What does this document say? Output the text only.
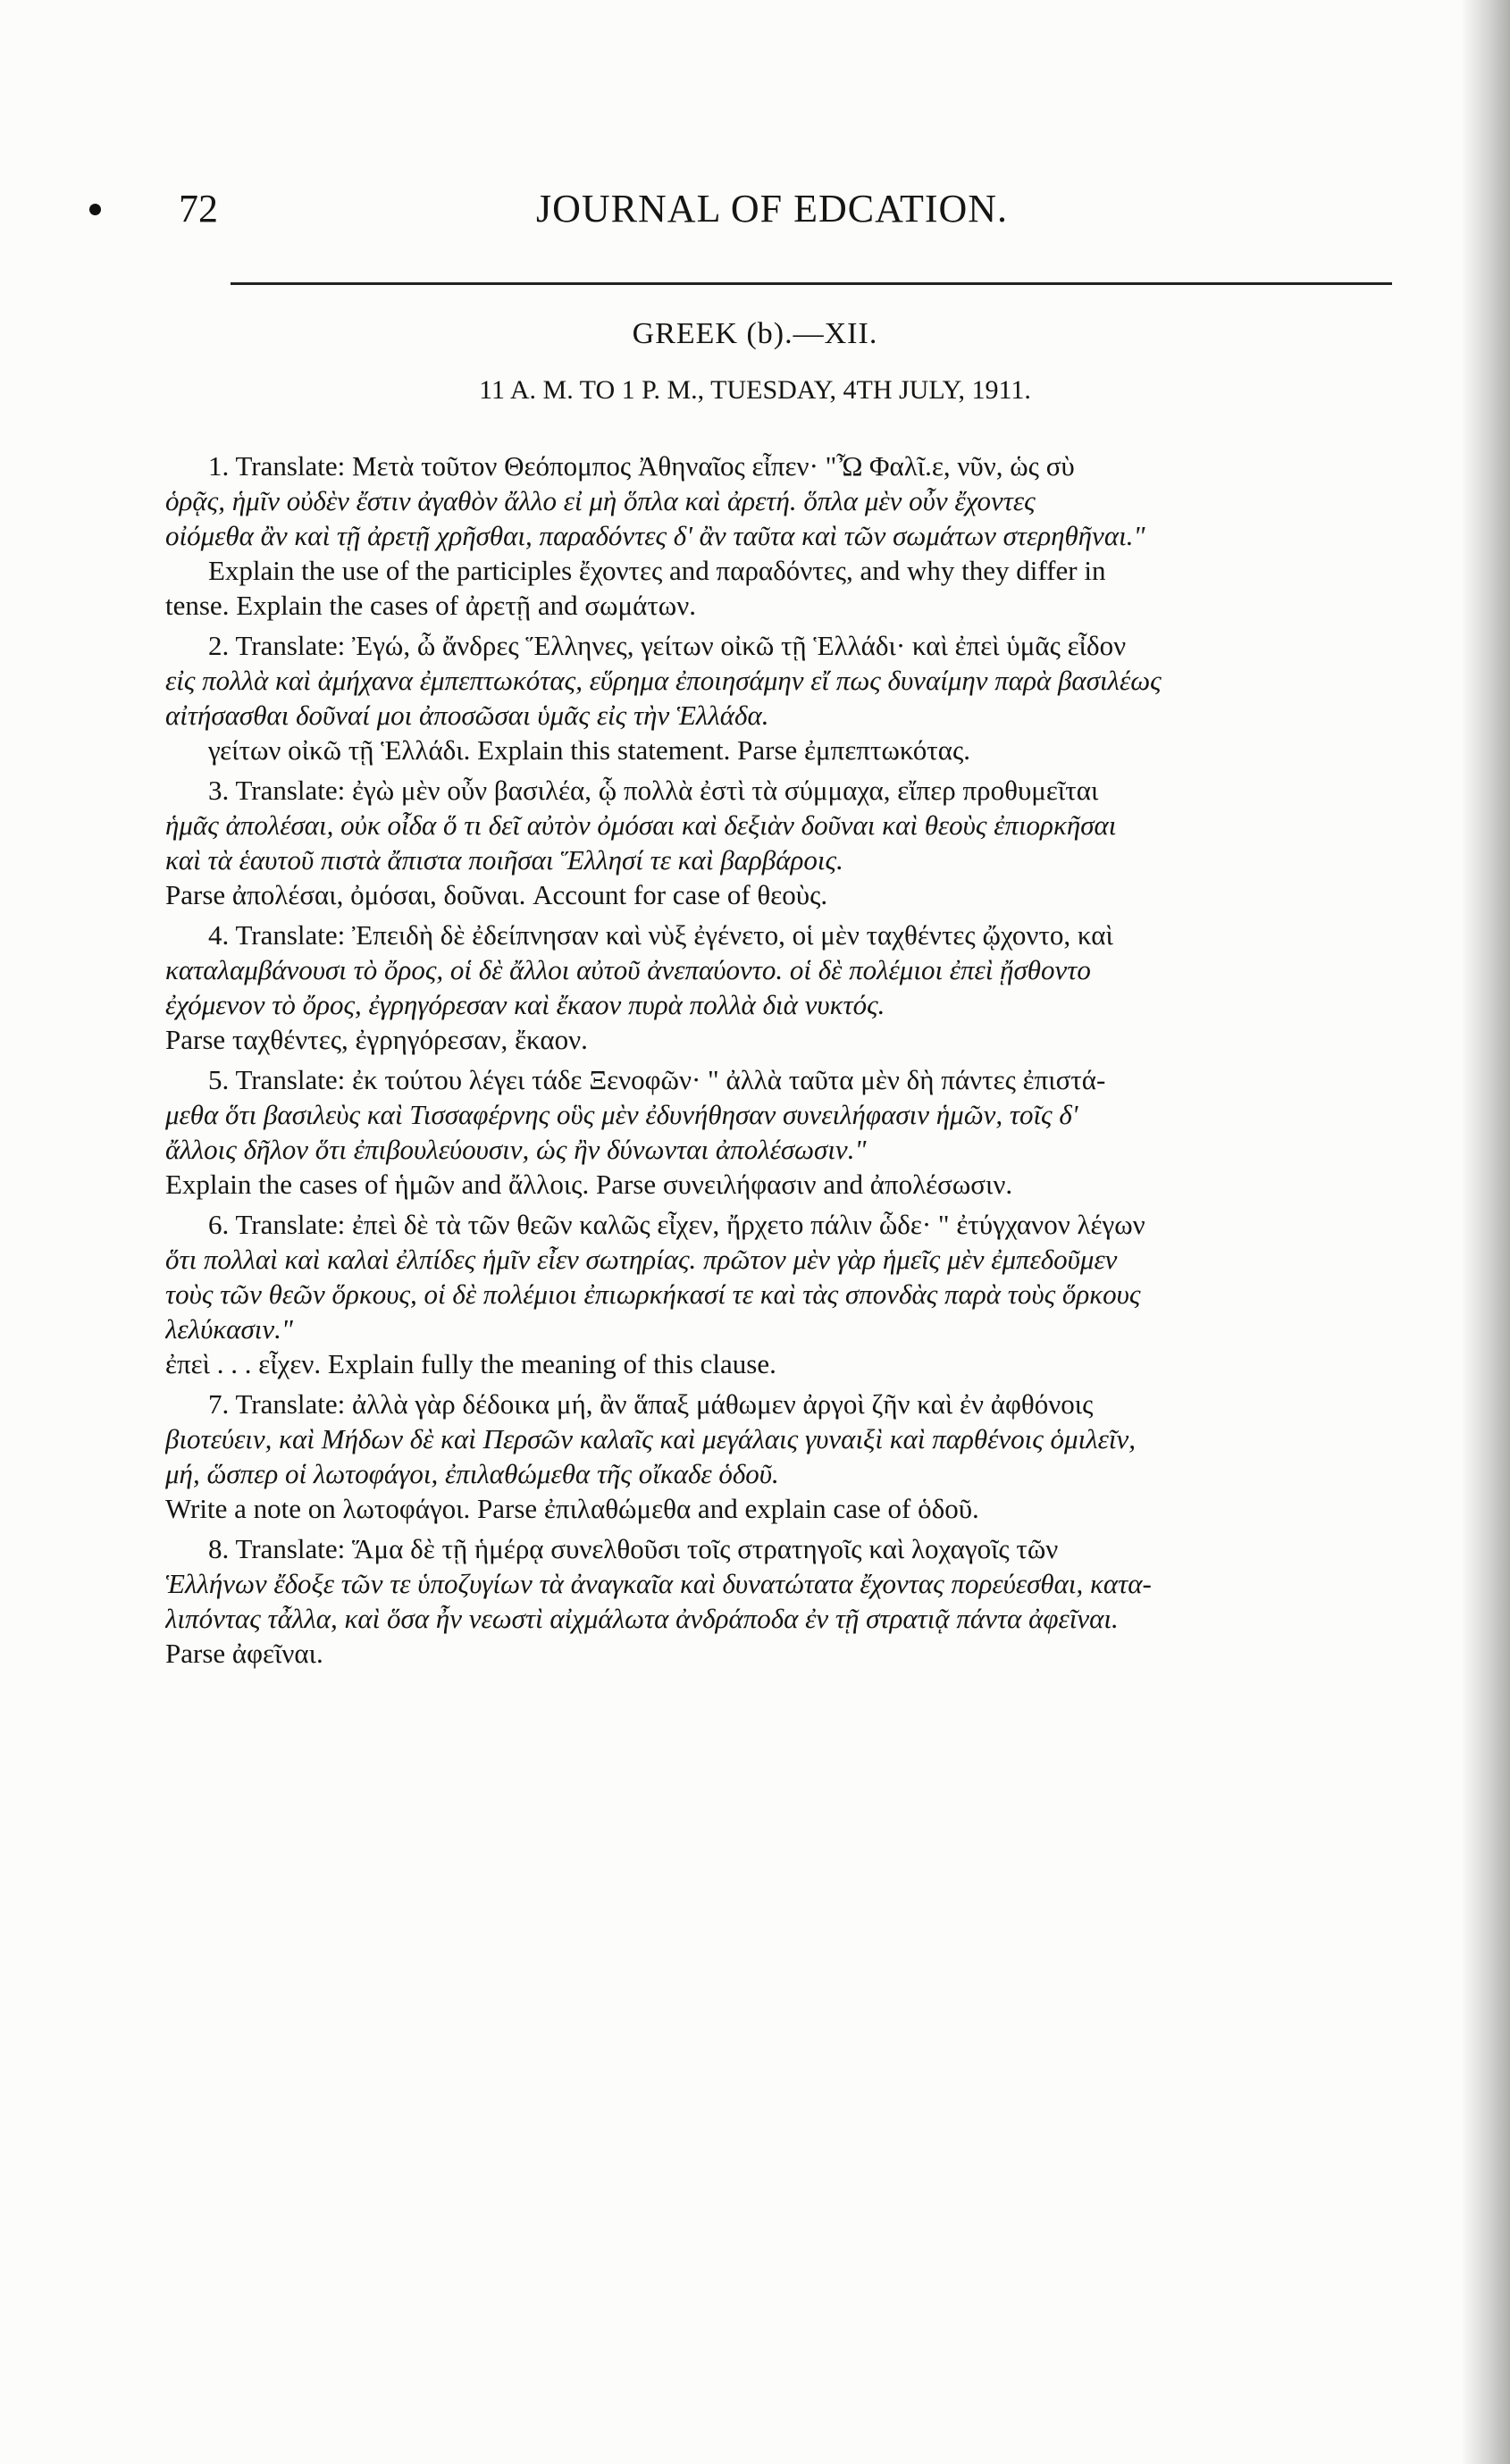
72	JOURNAL OF EDCATION.
GREEK (b).—XII.
11 A. M. TO 1 P. M., TUESDAY, 4TH JULY, 1911.
1. Translate: Μετὰ τοῦτον Θεόπομπος Ἀθηναῖος εἶπεν· "Ὦ Φαλῖ.ε, νῦν, ὡς σὺ
ὁρᾷς, ἡμῖν οὐδὲν ἔστιν ἀγαθὸν ἄλλο εἰ μὴ ὅπλα καὶ ἀρετή. ὅπλα μὲν οὖν ἔχοντες
οἰόμεθα ἂν καὶ τῇ ἀρετῇ χρῆσθαι, παραδόντες δ' ἂν ταῦτα καὶ τῶν σωμάτων στερηθῆναι."
Explain the use of the participles ἔχοντες and παραδόντες, and why they differ in
tense. Explain the cases of ἀρετῇ and σωμάτων.
2. Translate: Ἐγώ, ὦ ἄνδρες Ἕλληνες, γείτων οἰκῶ τῇ Ἑλλάδι· καὶ ἐπεὶ ὑμᾶς εἶδον
εἰς πολλὰ καὶ ἀμήχανα ἐμπεπτωκότας, εὕρημα ἐποιησάμην εἴ πως δυναίμην παρὰ βασιλέως
αἰτήσασθαι δοῦναί μοι ἀποσῶσαι ὑμᾶς εἰς τὴν Ἑλλάδα.
γείτων οἰκῶ τῇ Ἑλλάδι. Explain this statement. Parse ἐμπεπτωκότας.
3. Translate: ἐγὼ μὲν οὖν βασιλέα, ᾧ πολλὰ ἐστὶ τὰ σύμμαχα, εἴπερ προθυμεῖται
ἡμᾶς ἀπολέσαι, οὐκ οἶδα ὅ τι δεῖ αὐτὸν ὀμόσαι καὶ δεξιὰν δοῦναι καὶ θεοὺς ἐπιορκῆσαι
καὶ τὰ ἑαυτοῦ πιστὰ ἄπιστα ποιῆσαι Ἕλλησί τε καὶ βαρβάροις.
Parse ἀπολέσαι, ὀμόσαι, δοῦναι. Account for case of θεοὺς.
4. Translate: Ἐπειδὴ δὲ ἐδείπνησαν καὶ νὺξ ἐγένετο, οἱ μὲν ταχθέντες ᾤχοντο, καὶ
καταλαμβάνουσι τὸ ὄρος, οἱ δὲ ἄλλοι αὐτοῦ ἀνεπαύοντο. οἱ δὲ πολέμιοι ἐπεὶ ᾔσθοντο
ἐχόμενον τὸ ὄρος, ἐγρηγόρεσαν καὶ ἔκαον πυρὰ πολλὰ διὰ νυκτός.
Parse ταχθέντες, ἐγρηγόρεσαν, ἔκαον.
5. Translate: ἐκ τούτου λέγει τάδε Ξενοφῶν· " ἀλλὰ ταῦτα μὲν δὴ πάντες ἐπιστά-
μεθα ὅτι βασιλεὺς καὶ Τισσαφέρνης οὓς μὲν ἐδυνήθησαν συνειλήφασιν ἡμῶν, τοῖς δ'
ἄλλοις δῆλον ὅτι ἐπιβουλεύουσιν, ὡς ἢν δύνωνται ἀπολέσωσιν."
Explain the cases of ἡμῶν and ἄλλοις. Parse συνειλήφασιν and ἀπολέσωσιν.
6. Translate: ἐπεὶ δὲ τὰ τῶν θεῶν καλῶς εἶχεν, ἤρχετο πάλιν ὧδε· " ἐτύγχανον λέγων
ὅτι πολλαὶ καὶ καλαὶ ἐλπίδες ἡμῖν εἶεν σωτηρίας. πρῶτον μὲν γὰρ ἡμεῖς μὲν ἐμπεδοῦμεν
τοὺς τῶν θεῶν ὅρκους, οἱ δὲ πολέμιοι ἐπιωρκήκασί τε καὶ τὰς σπονδὰς παρὰ τοὺς ὅρκους
λελύκασιν."
ἐπεὶ . . . εἶχεν. Explain fully the meaning of this clause.
7. Translate: ἀλλὰ γὰρ δέδοικα μή, ἂν ἅπαξ μάθωμεν ἀργοὶ ζῆν καὶ ἐν ἀφθόνοις
βιοτεύειν, καὶ Μήδων δὲ καὶ Περσῶν καλαῖς καὶ μεγάλαις γυναιξὶ καὶ παρθένοις ὁμιλεῖν,
μή, ὥσπερ οἱ λωτοφάγοι, ἐπιλαθώμεθα τῆς οἴκαδε ὁδοῦ.
Write a note on λωτοφάγοι. Parse ἐπιλαθώμεθα and explain case of ὁδοῦ.
8. Translate: Ἅμα δὲ τῇ ἡμέρᾳ συνελθοῦσι τοῖς στρατηγοῖς καὶ λοχαγοῖς τῶν
Ἑλλήνων ἔδοξε τῶν τε ὑποζυγίων τὰ ἀναγκαῖα καὶ δυνατώτατα ἔχοντας πορεύεσθαι, κατα-
λιπόντας τἆλλα, καὶ ὅσα ἦν νεωστὶ αἰχμάλωτα ἀνδράποδα ἐν τῇ στρατιᾷ πάντα ἀφεῖναι.
Parse ἀφεῖναι.
